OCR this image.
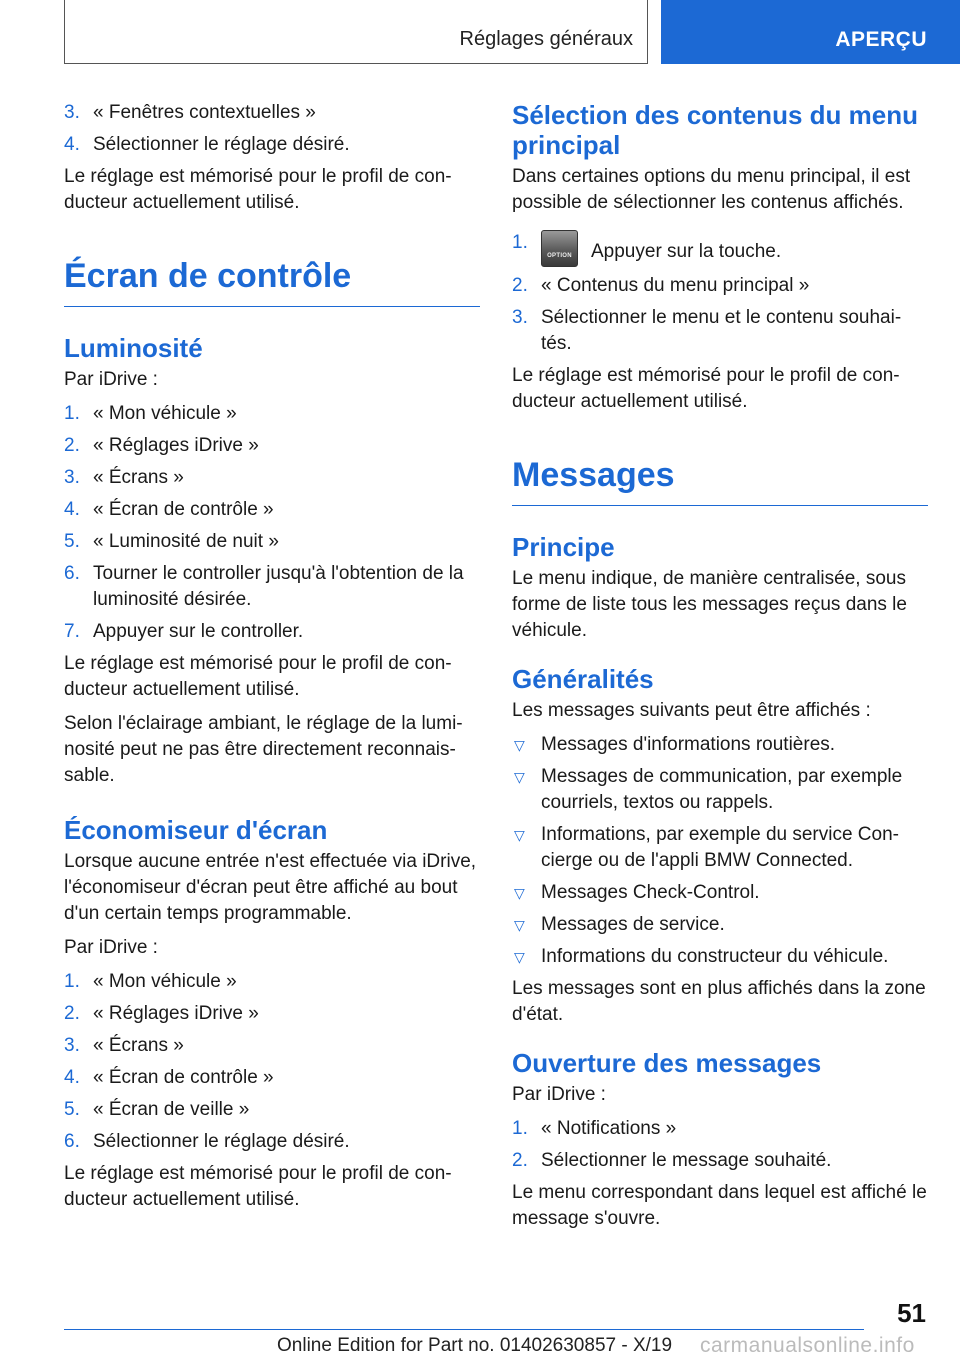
Réglages généraux	APERÇU
3. « Fenêtres contextuelles »
4. Sélectionner le réglage désiré.

Le réglage est mémorisé pour le profil de con‐ ducteur actuellement utilisé.

Écran de contrôle
Luminosité

Par iDrive :

1. « Mon véhicule »
2. « Réglages iDrive »
3. « Écrans »
4. « Écran de contrôle »
5. « Luminosité de nuit »
6. Tourner le controller jusqu'à l'obtention de la luminosité désirée.
7. Appuyer sur le controller.

Le réglage est mémorisé pour le profil de con‐ ducteur actuellement utilisé.

Selon l'éclairage ambiant, le réglage de la lumi‐ nosité peut ne pas être directement reconnais‐ sable.

Économiseur d'écran

Lorsque aucune entrée n'est effectuée via iDrive, l'économiseur d'écran peut être affiché au bout d'un certain temps programmable.

Par iDrive :

1. « Mon véhicule »
2. « Réglages iDrive »
3. « Écrans »
4. « Écran de contrôle »
5. « Écran de veille »
6. Sélectionner le réglage désiré.

Le réglage est mémorisé pour le profil de con‐ ducteur actuellement utilisé.

Sélection des contenus du menu principal

Dans certaines options du menu principal, il est possible de sélectionner les contenus affichés.

1.
OPTION Appuyer sur la touche.
2. « Contenus du menu principal »
3. Sélectionner le menu et le contenu souhai‐ tés.

Le réglage est mémorisé pour le profil de con‐ ducteur actuellement utilisé.

Messages
Principe

Le menu indique, de manière centralisée, sous forme de liste tous les messages reçus dans le véhicule.

Généralités

Les messages suivants peut être affichés :

▽ Messages d'informations routières.
▽ Messages de communication, par exemple courriels, textos ou rappels.
▽ Informations, par exemple du service Con‐ cierge ou de l'appli BMW Connected.
▽ Messages Check-Control.
▽ Messages de service.
▽ Informations du constructeur du véhicule.

Les messages sont en plus affichés dans la zone d'état.

Ouverture des messages

Par iDrive :

1. « Notifications »
2. Sélectionner le message souhaité.

Le menu correspondant dans lequel est affiché le message s'ouvre.

51
Online Edition for Part no. 01402630857 - X/19 carmanualsonline.info
